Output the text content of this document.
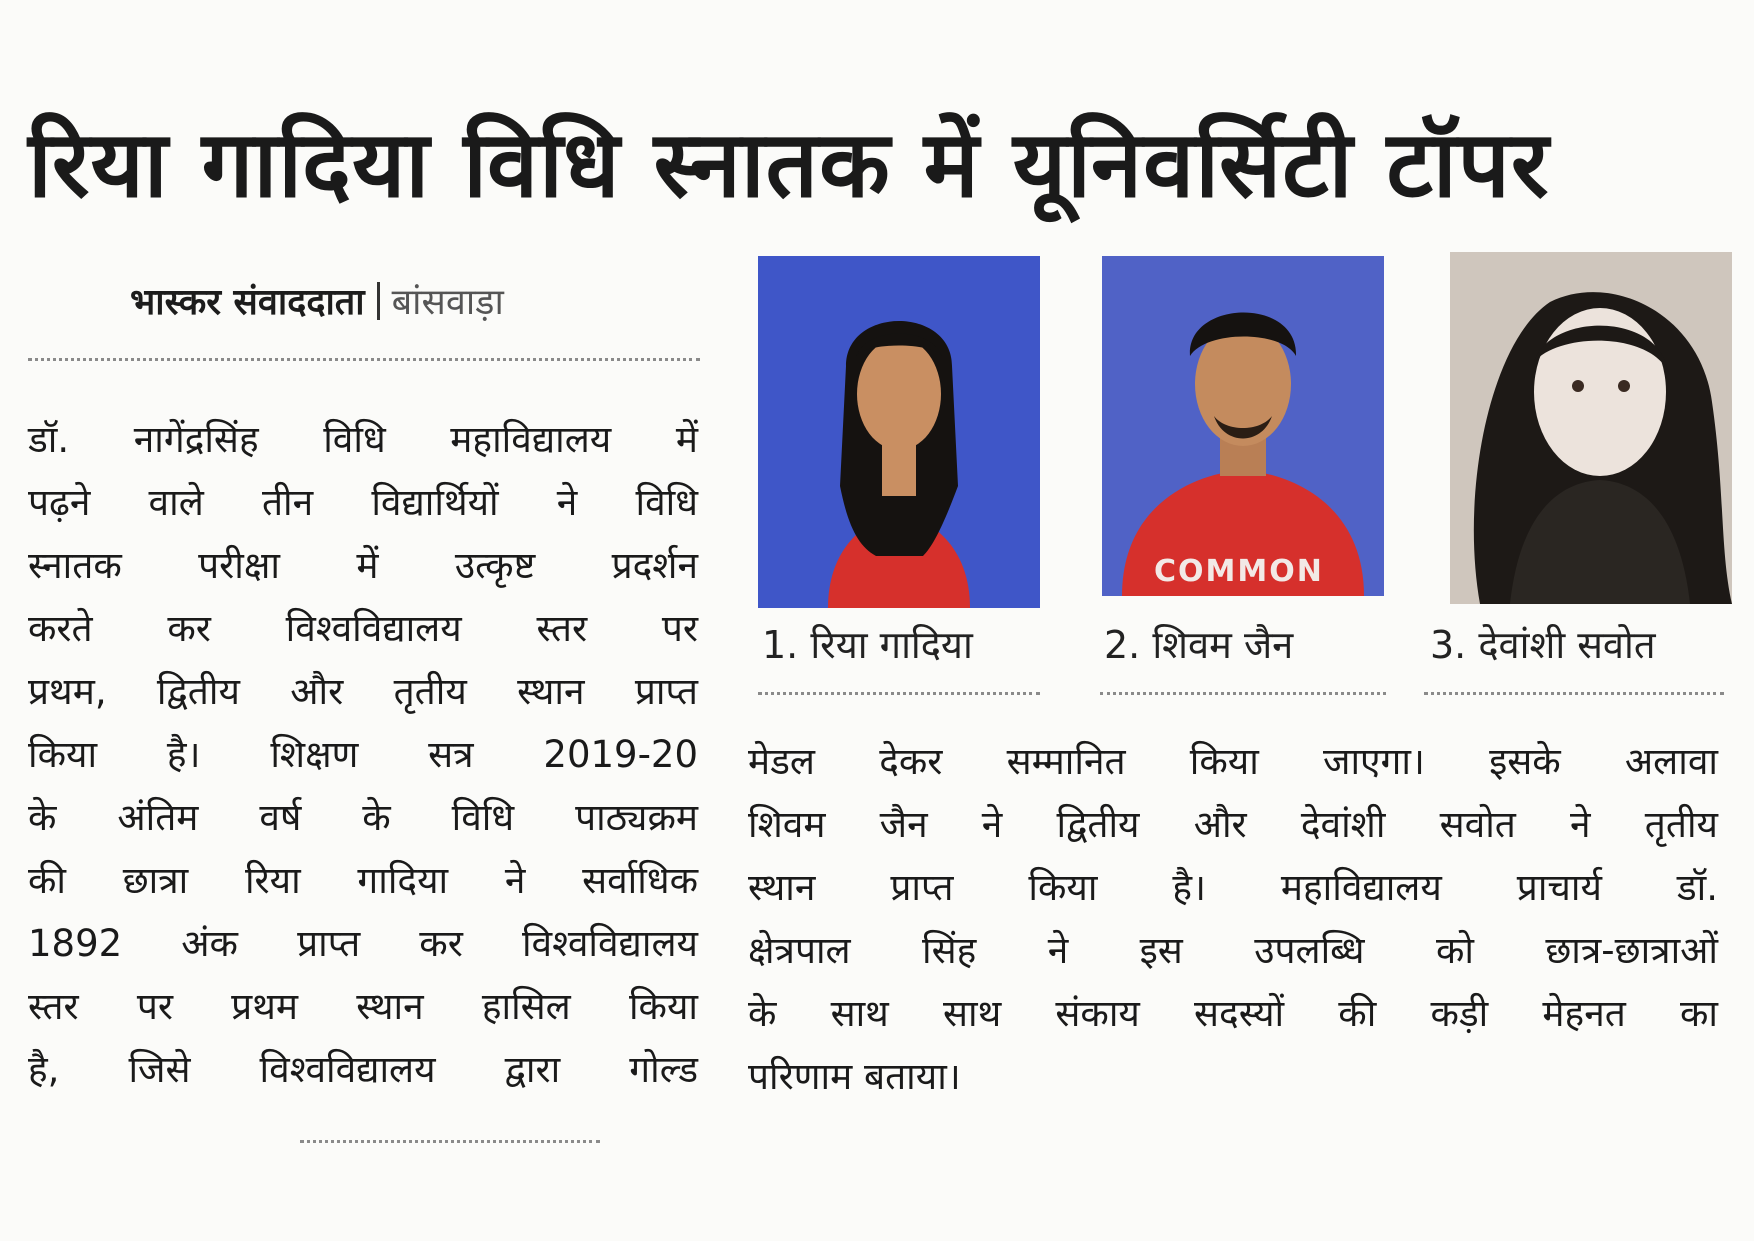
रिया गादिया विधि स्नातक में यूनिवर्सिटी टॉपर
भास्कर संवाददाता बांसवाड़ा
डॉ. नागेंद्रसिंह विधि महाविद्यालय में
पढ़ने वाले तीन विद्यार्थियों ने विधि
स्नातक परीक्षा में उत्कृष्ट प्रदर्शन
करते कर विश्वविद्यालय स्तर पर
प्रथम, द्वितीय और तृतीय स्थान प्राप्त
किया है। शिक्षण सत्र 2019-20
के अंतिम वर्ष के विधि पाठ्यक्रम
की छात्रा रिया गादिया ने सर्वाधिक
1892 अंक प्राप्त कर विश्वविद्यालय
स्तर पर प्रथम स्थान हासिल किया
है, जिसे विश्वविद्यालय द्वारा गोल्ड
COMMON
1. रिया गादिया	2. शिवम जैन	3. देवांशी सवोत
मेडल देकर सम्मानित किया जाएगा। इसके अलावा
शिवम जैन ने द्वितीय और देवांशी सवोत ने तृतीय
स्थान प्राप्त किया है। महाविद्यालय प्राचार्य डॉ.
क्षेत्रपाल सिंह ने इस उपलब्धि को छात्र-छात्राओं
के साथ साथ संकाय सदस्यों की कड़ी मेहनत का
परिणाम बताया।
